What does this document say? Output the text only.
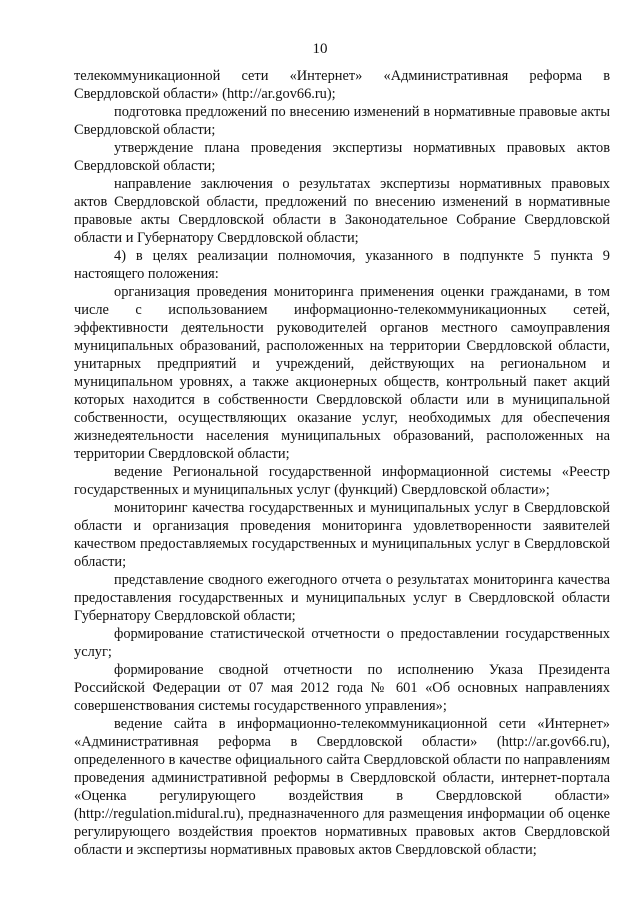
10

телекоммуникационной сети «Интернет» «Административная реформа в Свердловской области» (http://ar.gov66.ru);

подготовка предложений по внесению изменений в нормативные правовые акты Свердловской области;

утверждение плана проведения экспертизы нормативных правовых актов Свердловской области;

направление заключения о результатах экспертизы нормативных правовых актов Свердловской области, предложений по внесению изменений в нормативные правовые акты Свердловской области в Законодательное Собрание Свердловской области и Губернатору Свердловской области;

4) в целях реализации полномочия, указанного в подпункте 5 пункта 9 настоящего положения:

организация проведения мониторинга применения оценки гражданами, в том числе с использованием информационно-телекоммуникационных сетей, эффективности деятельности руководителей органов местного самоуправления муниципальных образований, расположенных на территории Свердловской области, унитарных предприятий и учреждений, действующих на региональном и муниципальном уровнях, а также акционерных обществ, контрольный пакет акций которых находится в собственности Свердловской области или в муниципальной собственности, осуществляющих оказание услуг, необходимых для обеспечения жизнедеятельности населения муниципальных образований, расположенных на территории Свердловской области;

ведение Региональной государственной информационной системы «Реестр государственных и муниципальных услуг (функций) Свердловской области»;

мониторинг качества государственных и муниципальных услуг в Свердловской области и организация проведения мониторинга удовлетворенности заявителей качеством предоставляемых государственных и муниципальных услуг в Свердловской области;

представление сводного ежегодного отчета о результатах мониторинга качества предоставления государственных и муниципальных услуг в Свердловской области Губернатору Свердловской области;

формирование статистической отчетности о предоставлении государственных услуг;

формирование сводной отчетности по исполнению Указа Президента Российской Федерации от 07 мая 2012 года № 601 «Об основных направлениях совершенствования системы государственного управления»;

ведение сайта в информационно-телекоммуникационной сети «Интернет» «Административная реформа в Свердловской области» (http://ar.gov66.ru), определенного в качестве официального сайта Свердловской области по направлениям проведения административной реформы в Свердловской области, интернет-портала «Оценка регулирующего воздействия в Свердловской области» (http://regulation.midural.ru), предназначенного для размещения информации об оценке регулирующего воздействия проектов нормативных правовых актов Свердловской области и экспертизы нормативных правовых актов Свердловской области;
